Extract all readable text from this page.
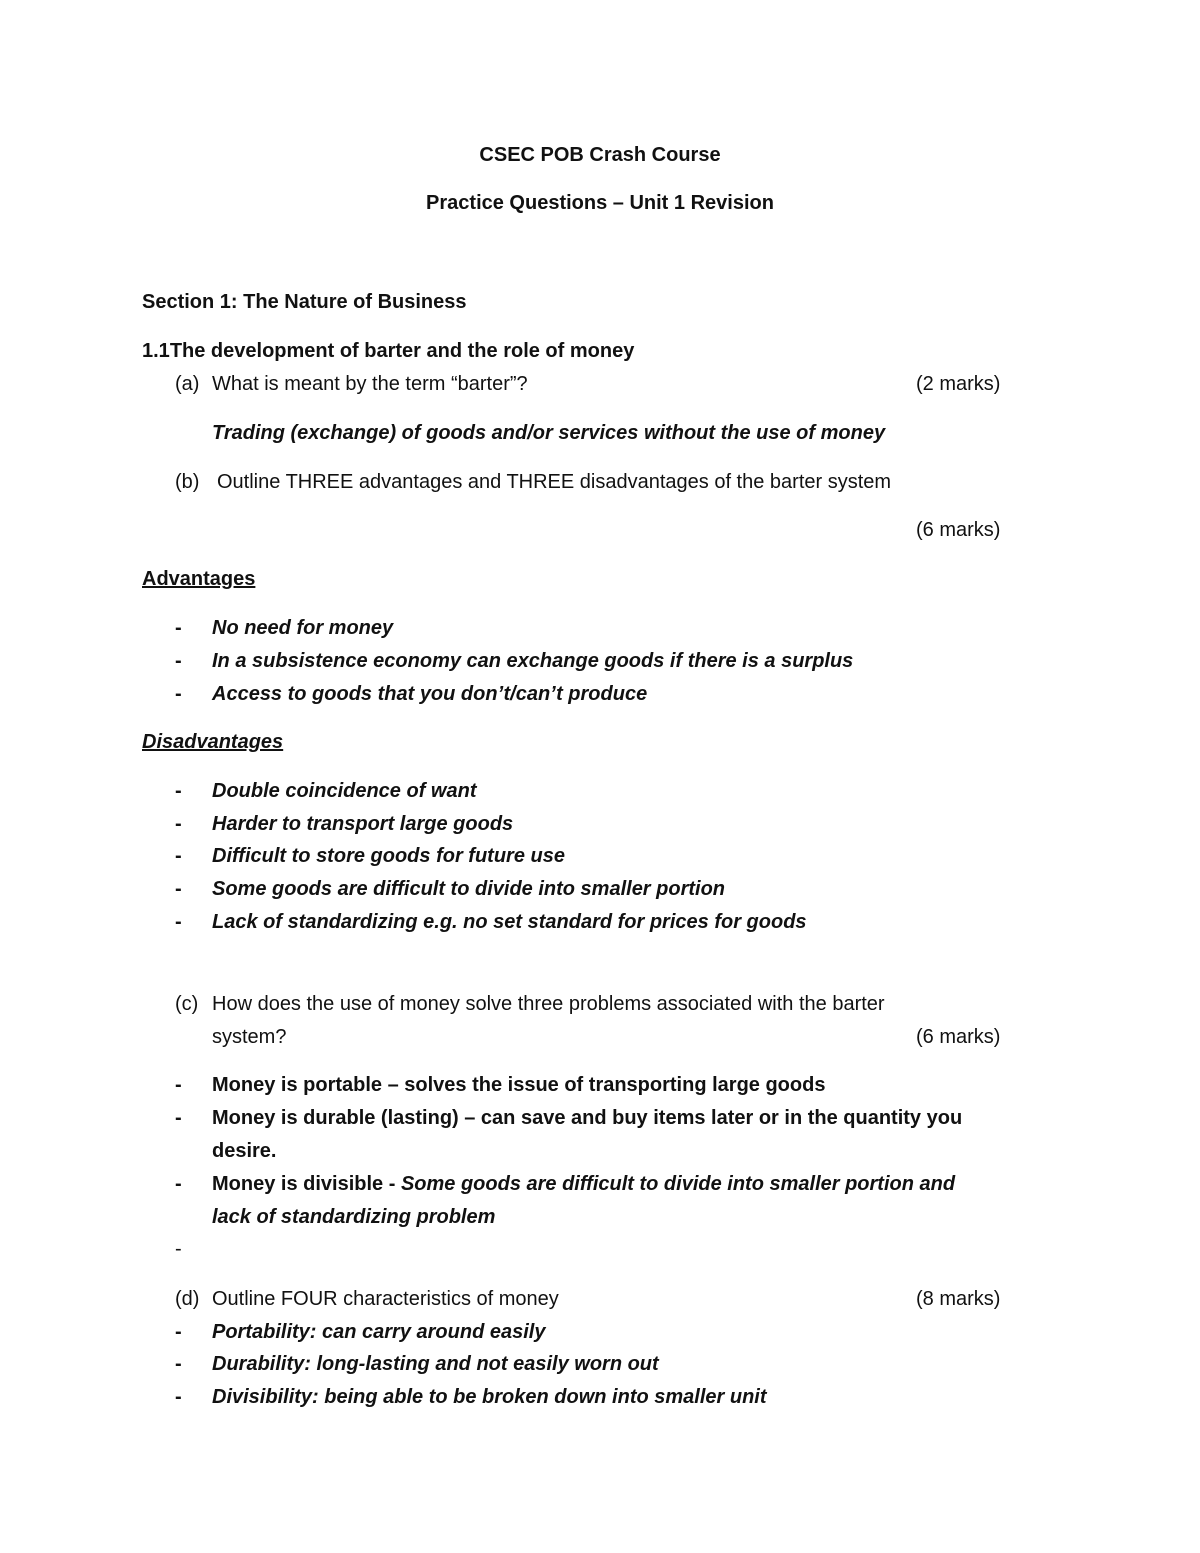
CSEC POB Crash Course
Practice Questions – Unit 1 Revision
Section 1: The Nature of Business
1.1The development of barter and the role of money
(a) What is meant by the term “barter”?	(2 marks)
Trading (exchange) of goods and/or services without the use of money
(b) Outline THREE advantages and THREE disadvantages of the barter system
(6 marks)
Advantages
- No need for money
- In a subsistence economy can exchange goods if there is a surplus
- Access to goods that you don’t/can’t produce
Disadvantages
- Double coincidence of want
- Harder to transport large goods
- Difficult to store goods for future use
- Some goods are difficult to divide into smaller portion
- Lack of standardizing e.g. no set standard for prices for goods
(c) How does the use of money solve three problems associated with the barter
system?	(6 marks)
- Money is portable – solves the issue of transporting large goods
- Money is durable (lasting) – can save and buy items later or in the quantity you
desire.
- Money is divisible - Some goods are difficult to divide into smaller portion and
lack of standardizing problem
-
(d) Outline FOUR characteristics of money	(8 marks)
- Portability: can carry around easily
- Durability: long-lasting and not easily worn out
- Divisibility: being able to be broken down into smaller unit
